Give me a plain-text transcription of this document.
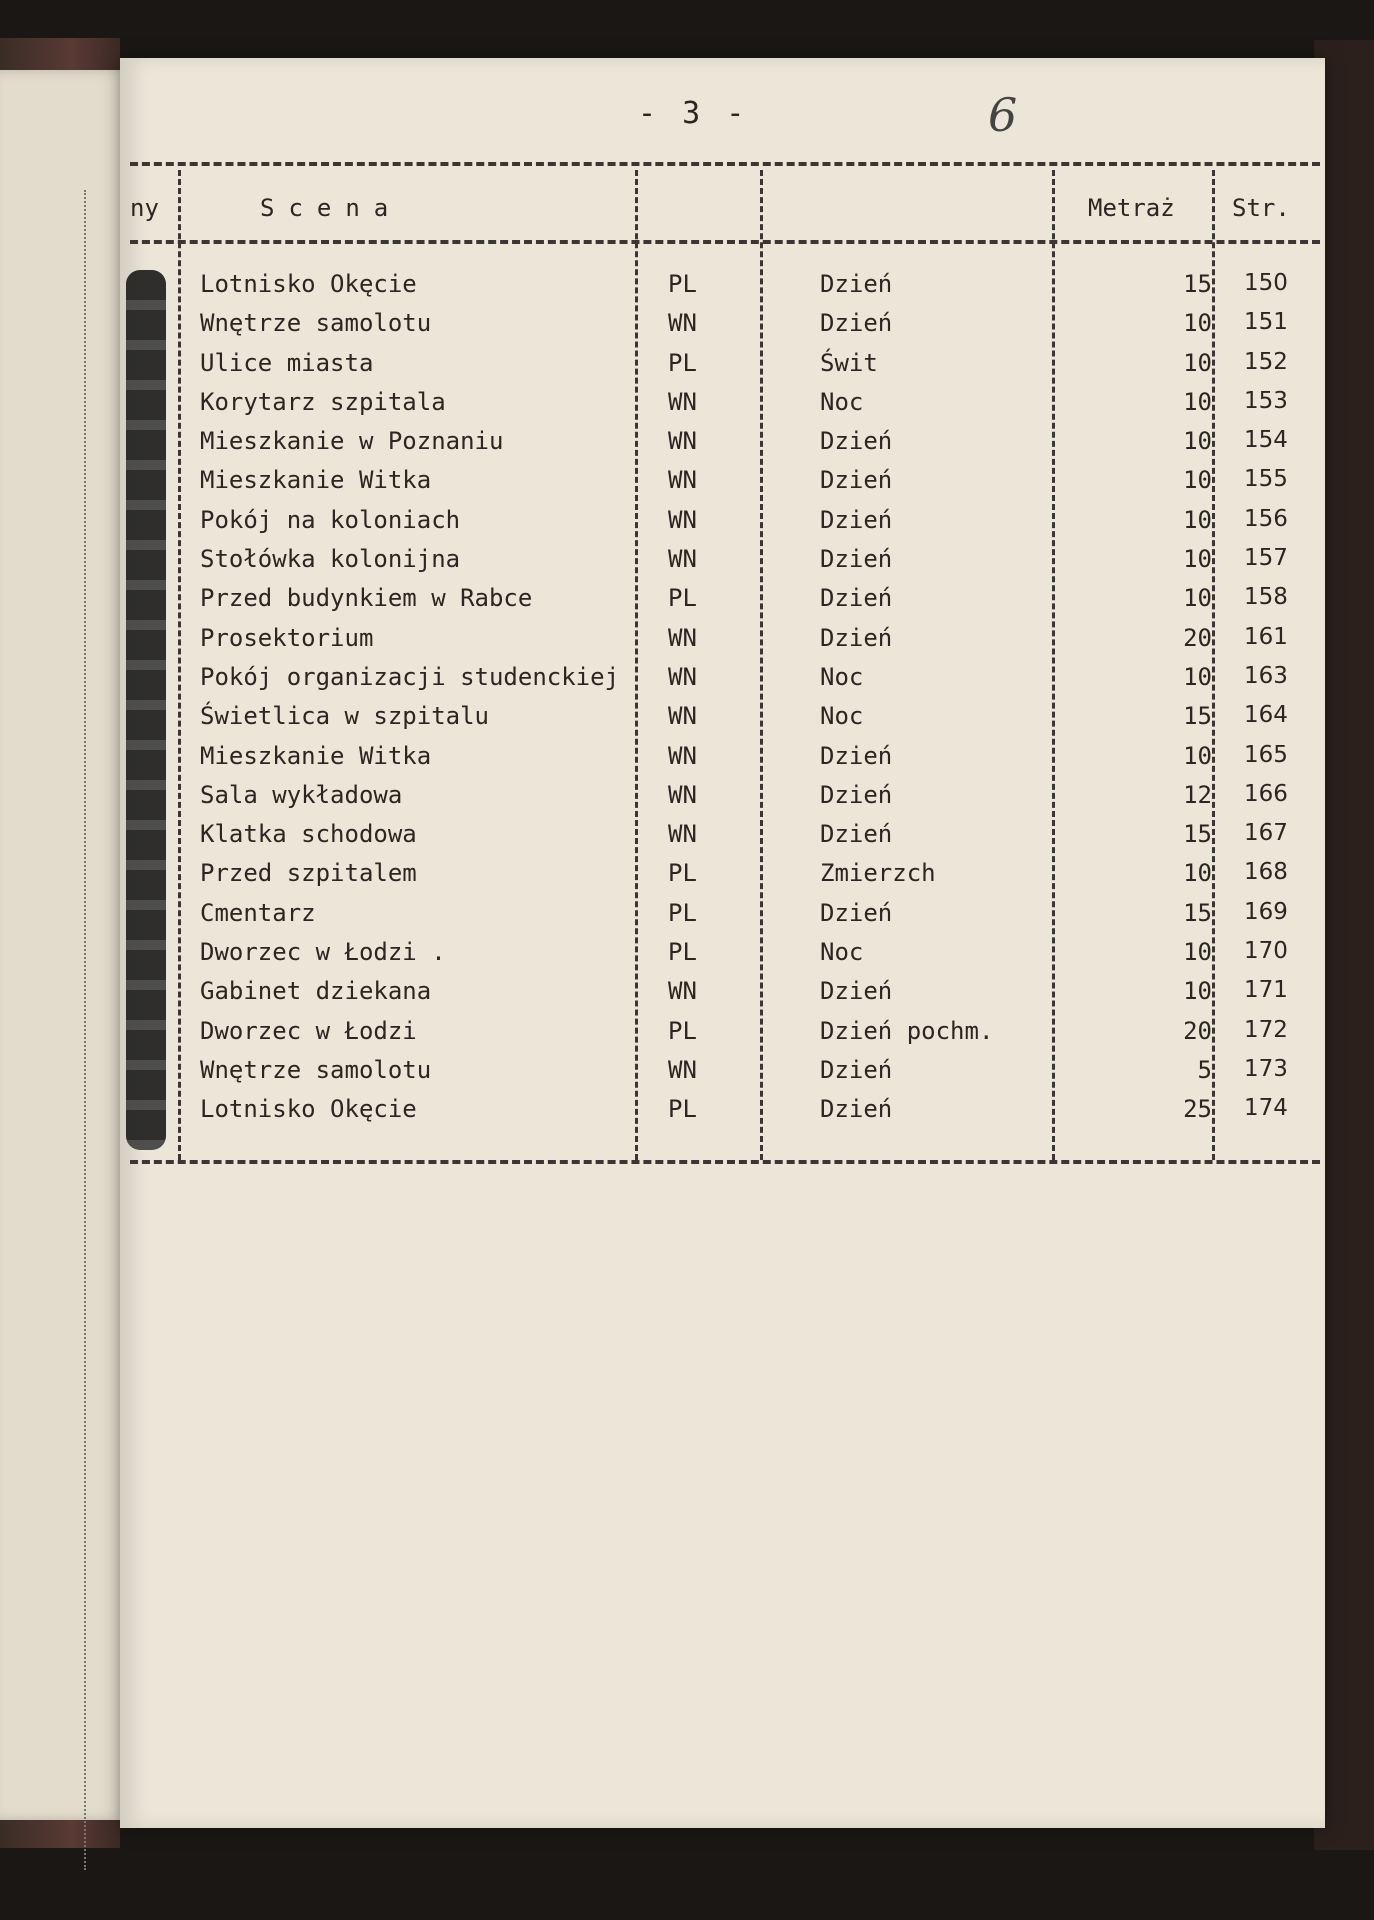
- 3 -	6
ny	Scena	Metraż Str.
Lotnisko Okęcie	PL	Dzień	15 150
Wnętrze samolotu	WN	Dzień	10 151
Ulice miasta	PL	Świt	10 152
Korytarz szpitala	WN	Noc	10 153
Mieszkanie w Poznaniu	WN	Dzień	10 154
Mieszkanie Witka	WN	Dzień	10 155
Pokój na koloniach	WN	Dzień	10 156
Stołówka kolonijna	WN	Dzień	10 157
Przed budynkiem w Rabce	PL	Dzień	10 158
Prosektorium	WN	Dzień	20 161
Pokój organizacji studenckiej WN	Noc	10 163
Świetlica w szpitalu	WN	Noc	15 164
Mieszkanie Witka	WN	Dzień	10 165
Sala wykładowa	WN	Dzień	12 166
Klatka schodowa	WN	Dzień	15 167
Przed szpitalem	PL	Zmierzch	10 168
Cmentarz	PL	Dzień	15 169
Dworzec w Łodzi .	PL	Noc	10 170
Gabinet dziekana	WN	Dzień	10 171
Dworzec w Łodzi	PL	Dzień pochm.	20 172
Wnętrze samolotu	WN	Dzień	5 173
Lotnisko Okęcie	PL	Dzień	25 174
